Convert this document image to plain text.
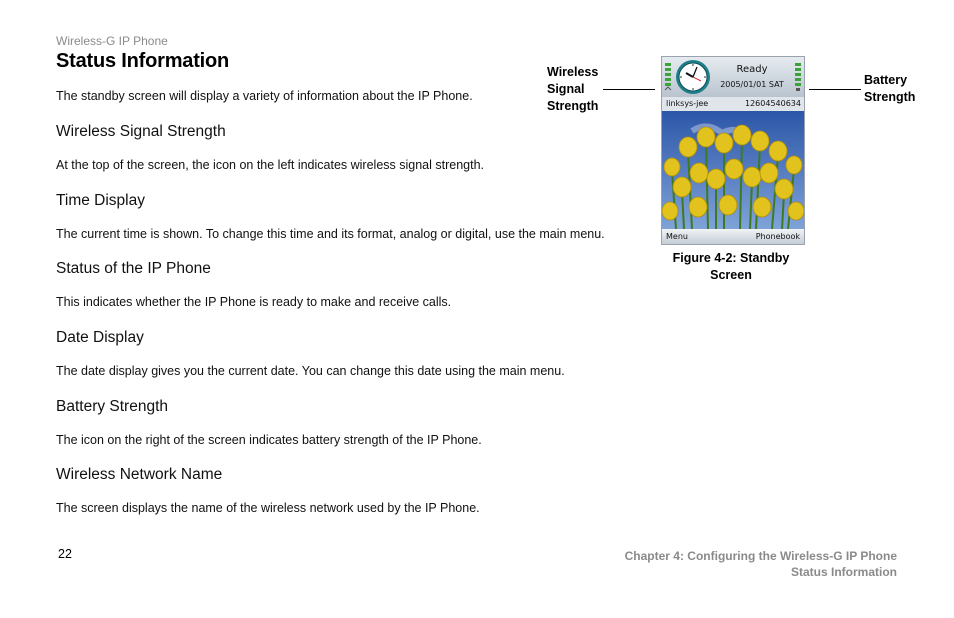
Wireless-G IP Phone
Status Information
The standby screen will display a variety of information about the IP Phone.
Wireless Signal Strength

At the top of the screen, the icon on the left indicates wireless signal strength.

Time Display

The current time is shown. To change this time and its format, analog or digital, use the main menu.

Status of the IP Phone

This indicates whether the IP Phone is ready to make and receive calls.

Date Display

The date display gives you the current date. You can change this date using the main menu.

Battery Strength

The icon on the right of the screen indicates battery strength of the IP Phone.

Wireless Network Name

The screen displays the name of the wireless network used by the IP Phone.

Wireless
Signal
Strength
Battery
Strength
Ready
2005/01/01 SAT
linksys-jee	12604540634
Menu	Phonebook
Figure 4-2: Standby
Screen
22	Chapter 4: Configuring the Wireless-G IP Phone
Status Information
